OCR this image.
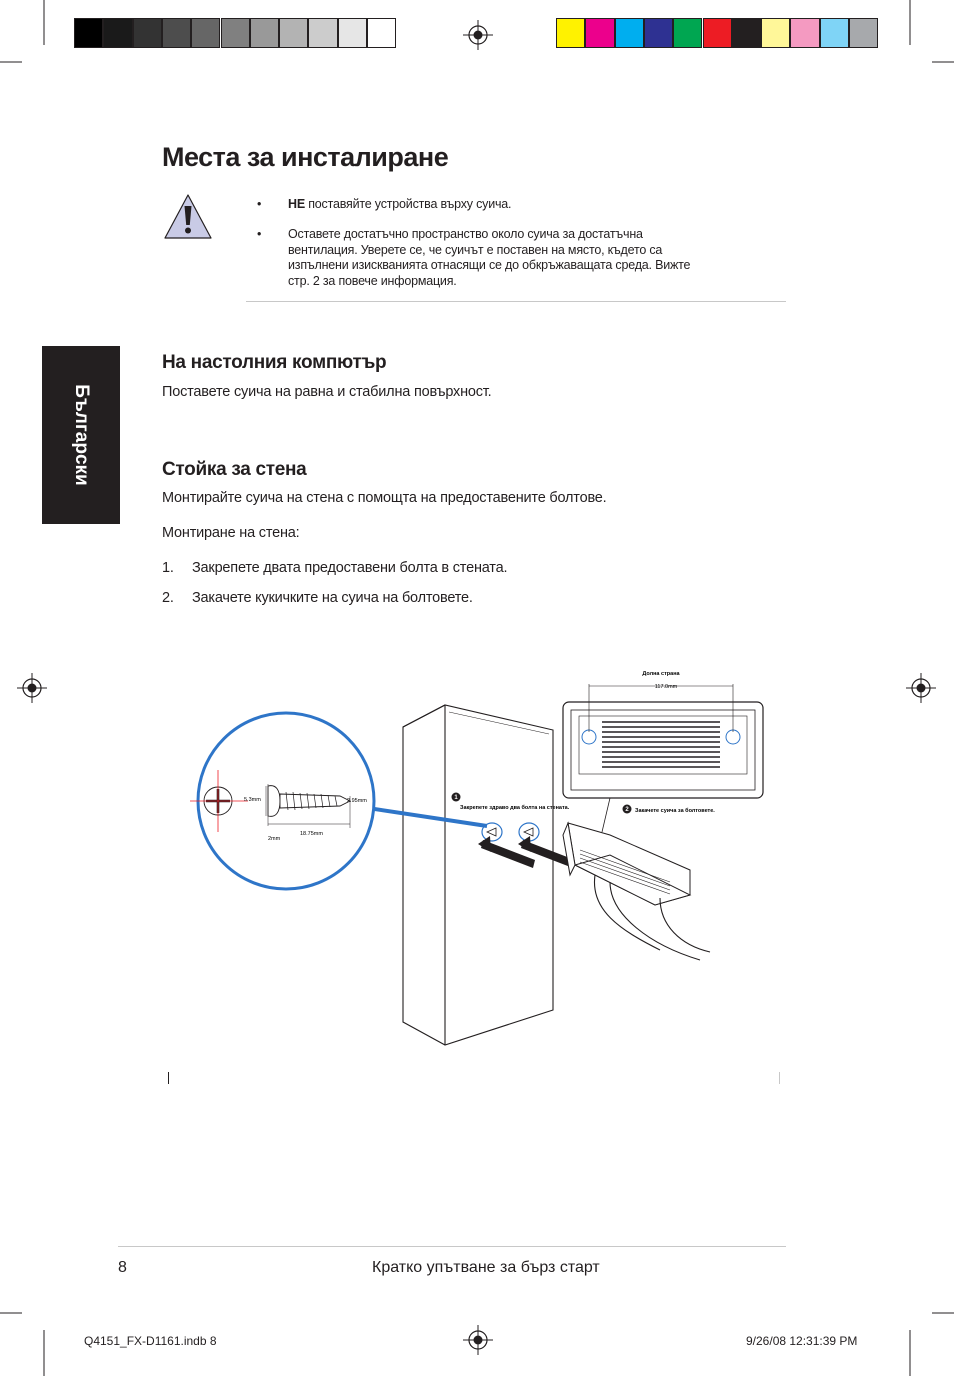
Места за инсталиране
• НЕ поставяйте устройства върху суича.
• Оставете достатъчно пространство около суича за достатъчна вентилация. Уверете се, че суичът е поставен на място, където са изпълнени изискванията отнасящи се до обкръжаващата среда. Вижте стр. 2 за повече информация.
Български
На настолния компютър
Поставете суича на равна и стабилна повърхност.
Стойка за стена
Монтирайте суича на стена с помощта на предоставените болтове.
Монтиране на стена:
1. Закрепете двата предоставени болта в стената.
2. Закачете кукичките на суича на болтовете.
Долна страна
117.0mm
1
Закрепете здраво два болта на стената.	2 Закачете суича за болтовете.
5.3mm	2.95mm
18.75mm
2mm
8	Кратко упътване за бърз старт
Q4151_FX-D1161.indb 8	9/26/08 12:31:39 PM
